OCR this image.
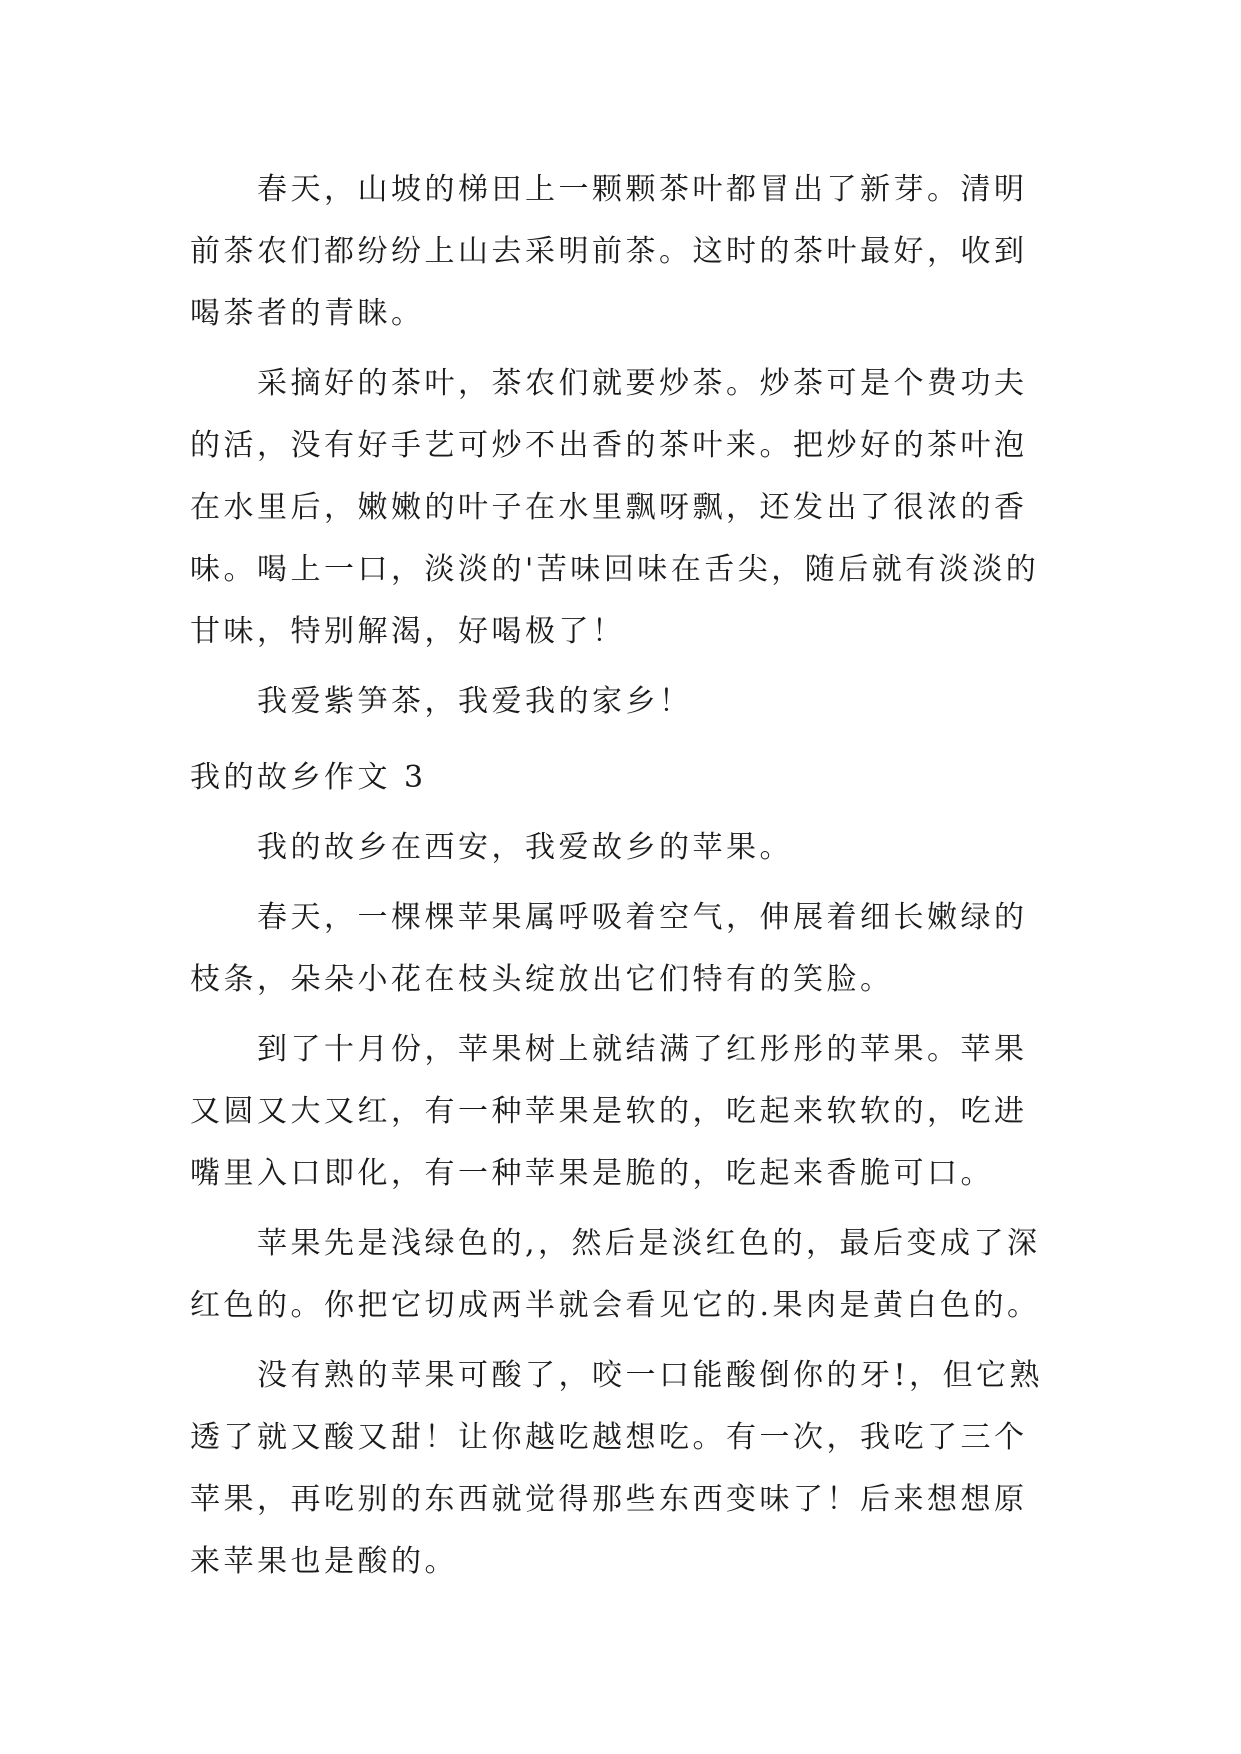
春天，山坡的梯田上一颗颗茶叶都冒出了新芽。清明前茶农们都纷纷上山去采明前茶。这时的茶叶最好，收到喝茶者的青睐。

采摘好的茶叶，茶农们就要炒茶。炒茶可是个费功夫的活，没有好手艺可炒不出香的茶叶来。把炒好的茶叶泡在水里后，嫩嫩的叶子在水里飘呀飘，还发出了很浓的香味。喝上一口，淡淡的'苦味回味在舌尖，随后就有淡淡的甘味，特别解渴，好喝极了！

我爱紫笋茶，我爱我的家乡！

我的故乡作文 3

我的故乡在西安，我爱故乡的苹果。

春天，一棵棵苹果属呼吸着空气，伸展着细长嫩绿的枝条，朵朵小花在枝头绽放出它们特有的笑脸。

到了十月份，苹果树上就结满了红彤彤的苹果。苹果又圆又大又红，有一种苹果是软的，吃起来软软的，吃进嘴里入口即化，有一种苹果是脆的，吃起来香脆可口。

苹果先是浅绿色的,，然后是淡红色的，最后变成了深红色的。你把它切成两半就会看见它的.果肉是黄白色的。

没有熟的苹果可酸了，咬一口能酸倒你的牙!，但它熟透了就又酸又甜！让你越吃越想吃。有一次，我吃了三个苹果，再吃别的东西就觉得那些东西变味了！后来想想原来苹果也是酸的。
